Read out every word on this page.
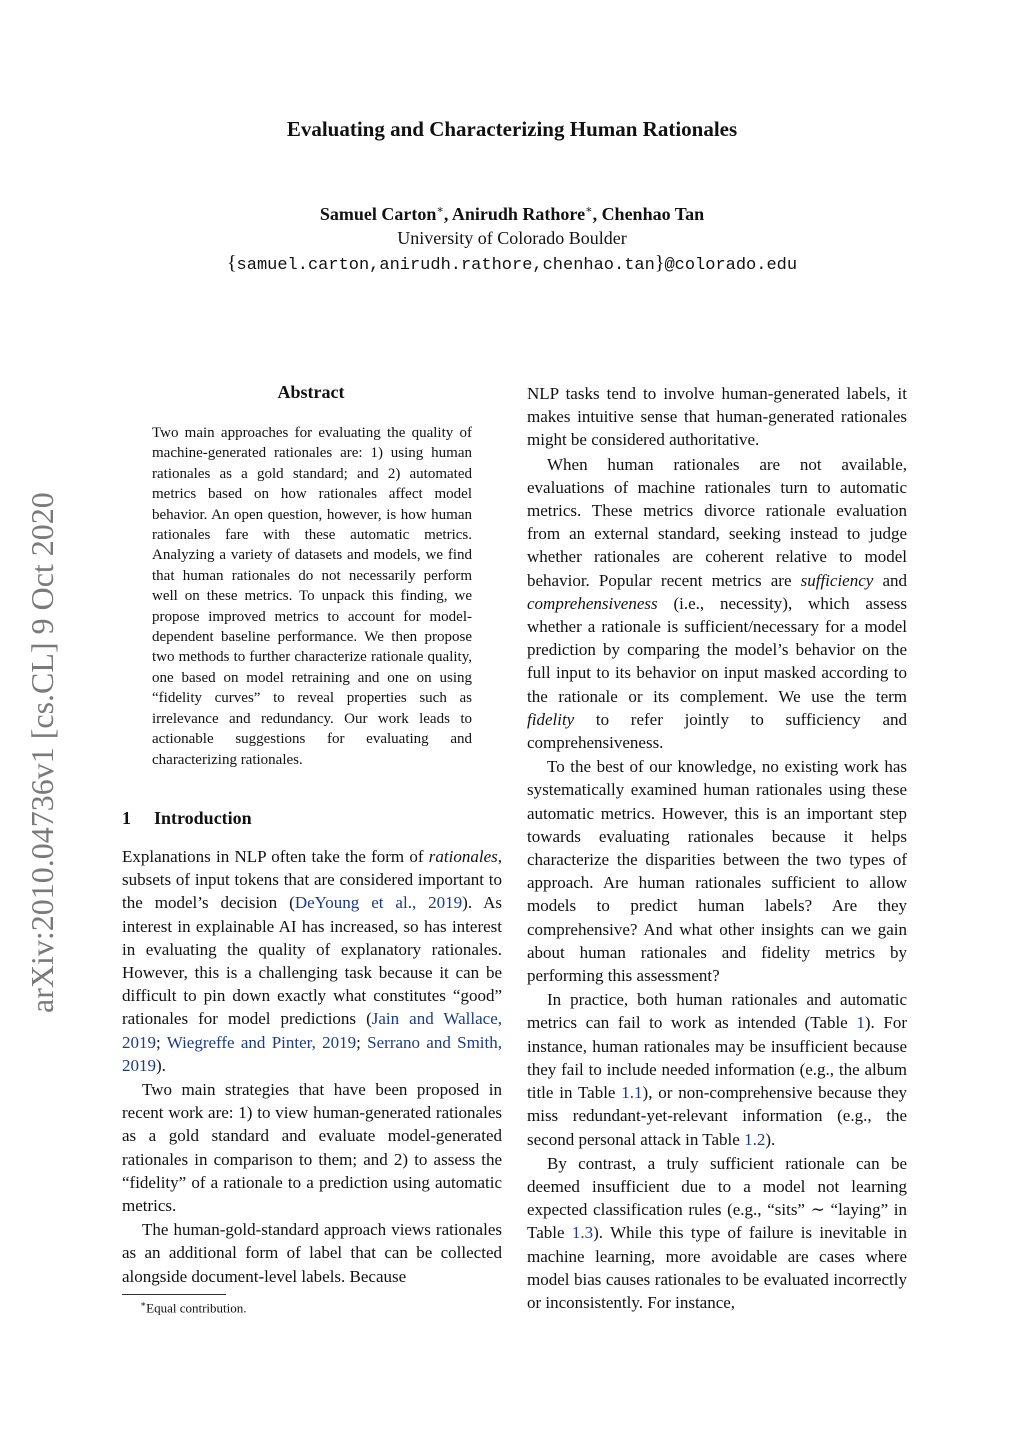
Evaluating and Characterizing Human Rationales
Samuel Carton∗, Anirudh Rathore∗, Chenhao Tan
University of Colorado Boulder
{samuel.carton,anirudh.rathore,chenhao.tan}@colorado.edu
arXiv:2010.04736v1 [cs.CL] 9 Oct 2020
Abstract
Two main approaches for evaluating the quality of machine-generated rationales are: 1) using human rationales as a gold standard; and 2) automated metrics based on how rationales affect model behavior. An open question, however, is how human rationales fare with these automatic metrics. Analyzing a variety of datasets and models, we find that human rationales do not necessarily perform well on these metrics. To unpack this finding, we propose improved metrics to account for model-dependent baseline performance. We then propose two methods to further characterize rationale quality, one based on model retraining and one on using “fidelity curves” to reveal properties such as irrelevance and redundancy. Our work leads to actionable suggestions for evaluating and characterizing rationales.
1 Introduction

Explanations in NLP often take the form of rationales, subsets of input tokens that are considered important to the model’s decision (DeYoung et al., 2019). As interest in explainable AI has increased, so has interest in evaluating the quality of explanatory rationales. However, this is a challenging task because it can be difficult to pin down exactly what constitutes “good” rationales for model predictions (Jain and Wallace, 2019; Wiegreffe and Pinter, 2019; Serrano and Smith, 2019).

Two main strategies that have been proposed in recent work are: 1) to view human-generated rationales as a gold standard and evaluate model-generated rationales in comparison to them; and 2) to assess the “fidelity” of a rationale to a prediction using automatic metrics.

The human-gold-standard approach views rationales as an additional form of label that can be collected alongside document-level labels. Because

∗Equal contribution.

NLP tasks tend to involve human-generated labels, it makes intuitive sense that human-generated rationales might be considered authoritative.

When human rationales are not available, evaluations of machine rationales turn to automatic metrics. These metrics divorce rationale evaluation from an external standard, seeking instead to judge whether rationales are coherent relative to model behavior. Popular recent metrics are sufficiency and comprehensiveness (i.e., necessity), which assess whether a rationale is sufficient/necessary for a model prediction by comparing the model’s behavior on the full input to its behavior on input masked according to the rationale or its complement. We use the term fidelity to refer jointly to sufficiency and comprehensiveness.

To the best of our knowledge, no existing work has systematically examined human rationales using these automatic metrics. However, this is an important step towards evaluating rationales because it helps characterize the disparities between the two types of approach. Are human rationales sufficient to allow models to predict human labels? Are they comprehensive? And what other insights can we gain about human rationales and fidelity metrics by performing this assessment?

In practice, both human rationales and automatic metrics can fail to work as intended (Table 1). For instance, human rationales may be insufficient because they fail to include needed information (e.g., the album title in Table 1.1), or non-comprehensive because they miss redundant-yet-relevant information (e.g., the second personal attack in Table 1.2).

By contrast, a truly sufficient rationale can be deemed insufficient due to a model not learning expected classification rules (e.g., “sits” ∼ “laying” in Table 1.3). While this type of failure is inevitable in machine learning, more avoidable are cases where model bias causes rationales to be evaluated incorrectly or inconsistently. For instance,
